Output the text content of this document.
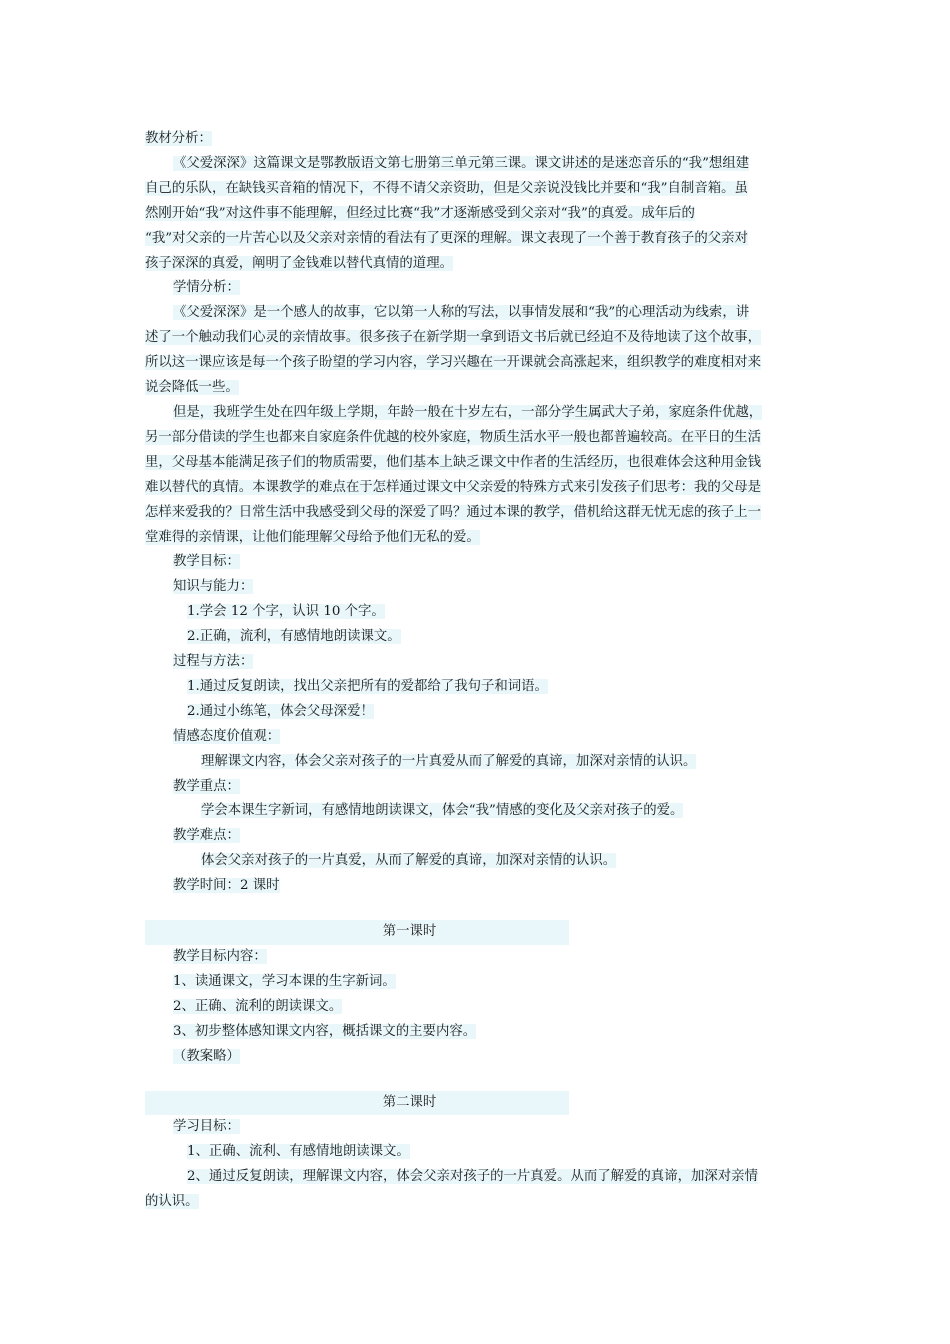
教材分析：
《父爱深深》这篇课文是鄂教版语文第七册第三单元第三课。课文讲述的是迷恋音乐的“我”想组建
自己的乐队，在缺钱买音箱的情况下，不得不请父亲资助，但是父亲说没钱比并要和“我”自制音箱。虽
然刚开始“我”对这件事不能理解，但经过比赛“我”才逐渐感受到父亲对“我”的真爱。成年后的
“我”对父亲的一片苦心以及父亲对亲情的看法有了更深的理解。课文表现了一个善于教育孩子的父亲对
孩子深深的真爱，阐明了金钱难以替代真情的道理。
学情分析：
《父爱深深》是一个感人的故事，它以第一人称的写法，以事情发展和“我”的心理活动为线索，讲
述了一个触动我们心灵的亲情故事。很多孩子在新学期一拿到语文书后就已经迫不及待地读了这个故事，
所以这一课应该是每一个孩子盼望的学习内容，学习兴趣在一开课就会高涨起来，组织教学的难度相对来
说会降低一些。
但是，我班学生处在四年级上学期，年龄一般在十岁左右，一部分学生属武大子弟，家庭条件优越，
另一部分借读的学生也都来自家庭条件优越的校外家庭，物质生活水平一般也都普遍较高。在平日的生活
里，父母基本能满足孩子们的物质需要，他们基本上缺乏课文中作者的生活经历，也很难体会这种用金钱
难以替代的真情。本课教学的难点在于怎样通过课文中父亲爱的特殊方式来引发孩子们思考：我的父母是
怎样来爱我的？日常生活中我感受到父母的深爱了吗？通过本课的教学，借机给这群无忧无虑的孩子上一
堂难得的亲情课，让他们能理解父母给予他们无私的爱。
教学目标：
知识与能力：
1.学会 12 个字，认识 10 个字。
2.正确，流利，有感情地朗读课文。
过程与方法：
1.通过反复朗读，找出父亲把所有的爱都给了我句子和词语。
2.通过小练笔，体会父母深爱！
情感态度价值观：
理解课文内容，体会父亲对孩子的一片真爱从而了解爱的真谛，加深对亲情的认识。
教学重点：
学会本课生字新词，有感情地朗读课文，体会“我”情感的变化及父亲对孩子的爱。
教学难点：
体会父亲对孩子的一片真爱，从而了解爱的真谛，加深对亲情的认识。
教学时间：2 课时
第一课时
教学目标内容：
1、读通课文，学习本课的生字新词。
2、正确、流利的朗读课文。
3、初步整体感知课文内容，概括课文的主要内容。
（教案略）
第二课时
学习目标：
1、正确、流利、有感情地朗读课文。
2、通过反复朗读，理解课文内容，体会父亲对孩子的一片真爱。从而了解爱的真谛，加深对亲情
的认识。
